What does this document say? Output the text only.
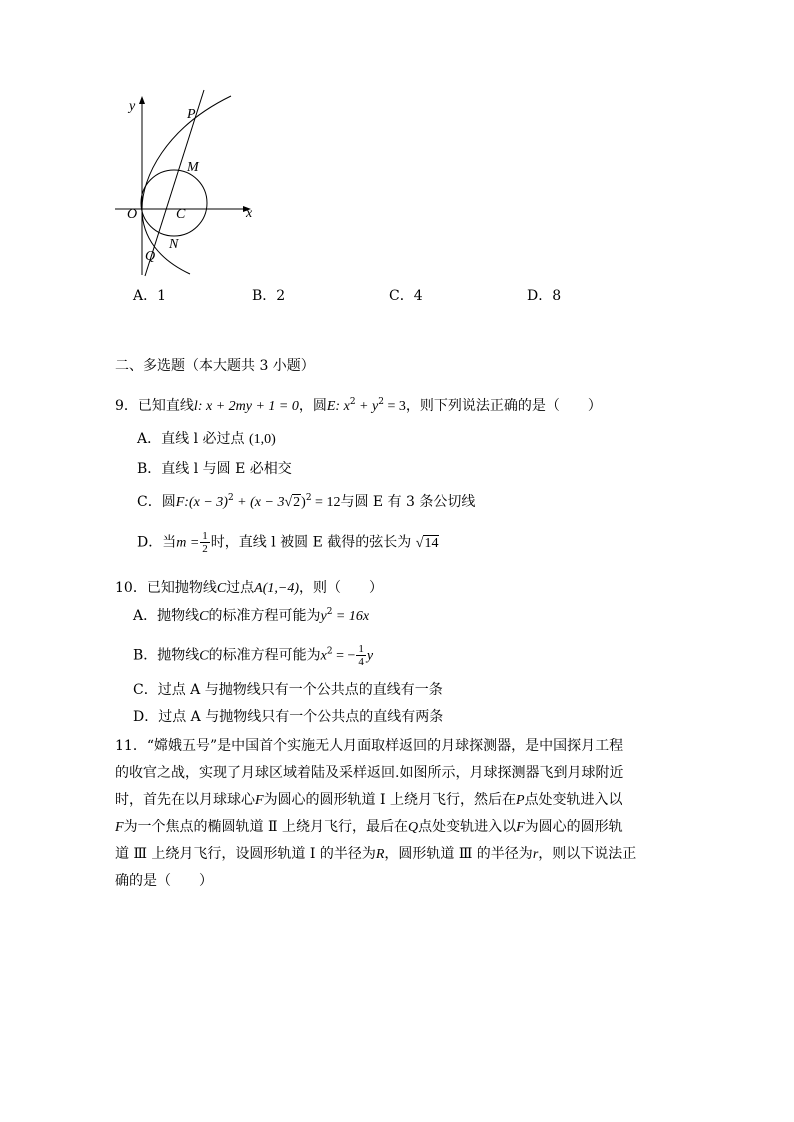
y
x
O	C
P
M
N
Q
A．1	B．2	C．4	D．8
二、多选题（本大题共 3 小题）
9．已知直线l: x + 2my + 1 = 0，圆E: $x^2 + y^2 = 3$，则下列说法正确的是（　　）
A．直线 l 必过点 (1,0)
B．直线 l 与圆 E 必相交
C．圆F:(x − $3)^2 + (x - 3√2)^2 = 12$与圆 E 有 3 条公切线
D．当$m = \frac{1}{2}$ 时，直线 l 被圆 E 截得的弦长为 √14
10．已知抛物线C过点A(1,−4)，则（　　）
A．抛物线C的标准方程可能为$y^2 = 16x$
B．抛物线C的标准方程可能为$x^2$ = − $\frac{1}{4}$ y
C．过点 A 与抛物线只有一个公共点的直线有一条
D．过点 A 与抛物线只有一个公共点的直线有两条
11．“嫦娥五号”是中国首个实施无人月面取样返回的月球探测器，是中国探月工程
的收官之战，实现了月球区域着陆及采样返回.如图所示，月球探测器飞到月球附近
时，首先在以月球球心F为圆心的圆形轨道 Ⅰ 上绕月飞行，然后在P点处变轨进入以
F为一个焦点的椭圆轨道 Ⅱ 上绕月飞行，最后在Q点处变轨进入以F为圆心的圆形轨
道 Ⅲ 上绕月飞行，设圆形轨道 Ⅰ 的半径为R，圆形轨道 Ⅲ 的半径为r，则以下说法正
确的是（　　）
